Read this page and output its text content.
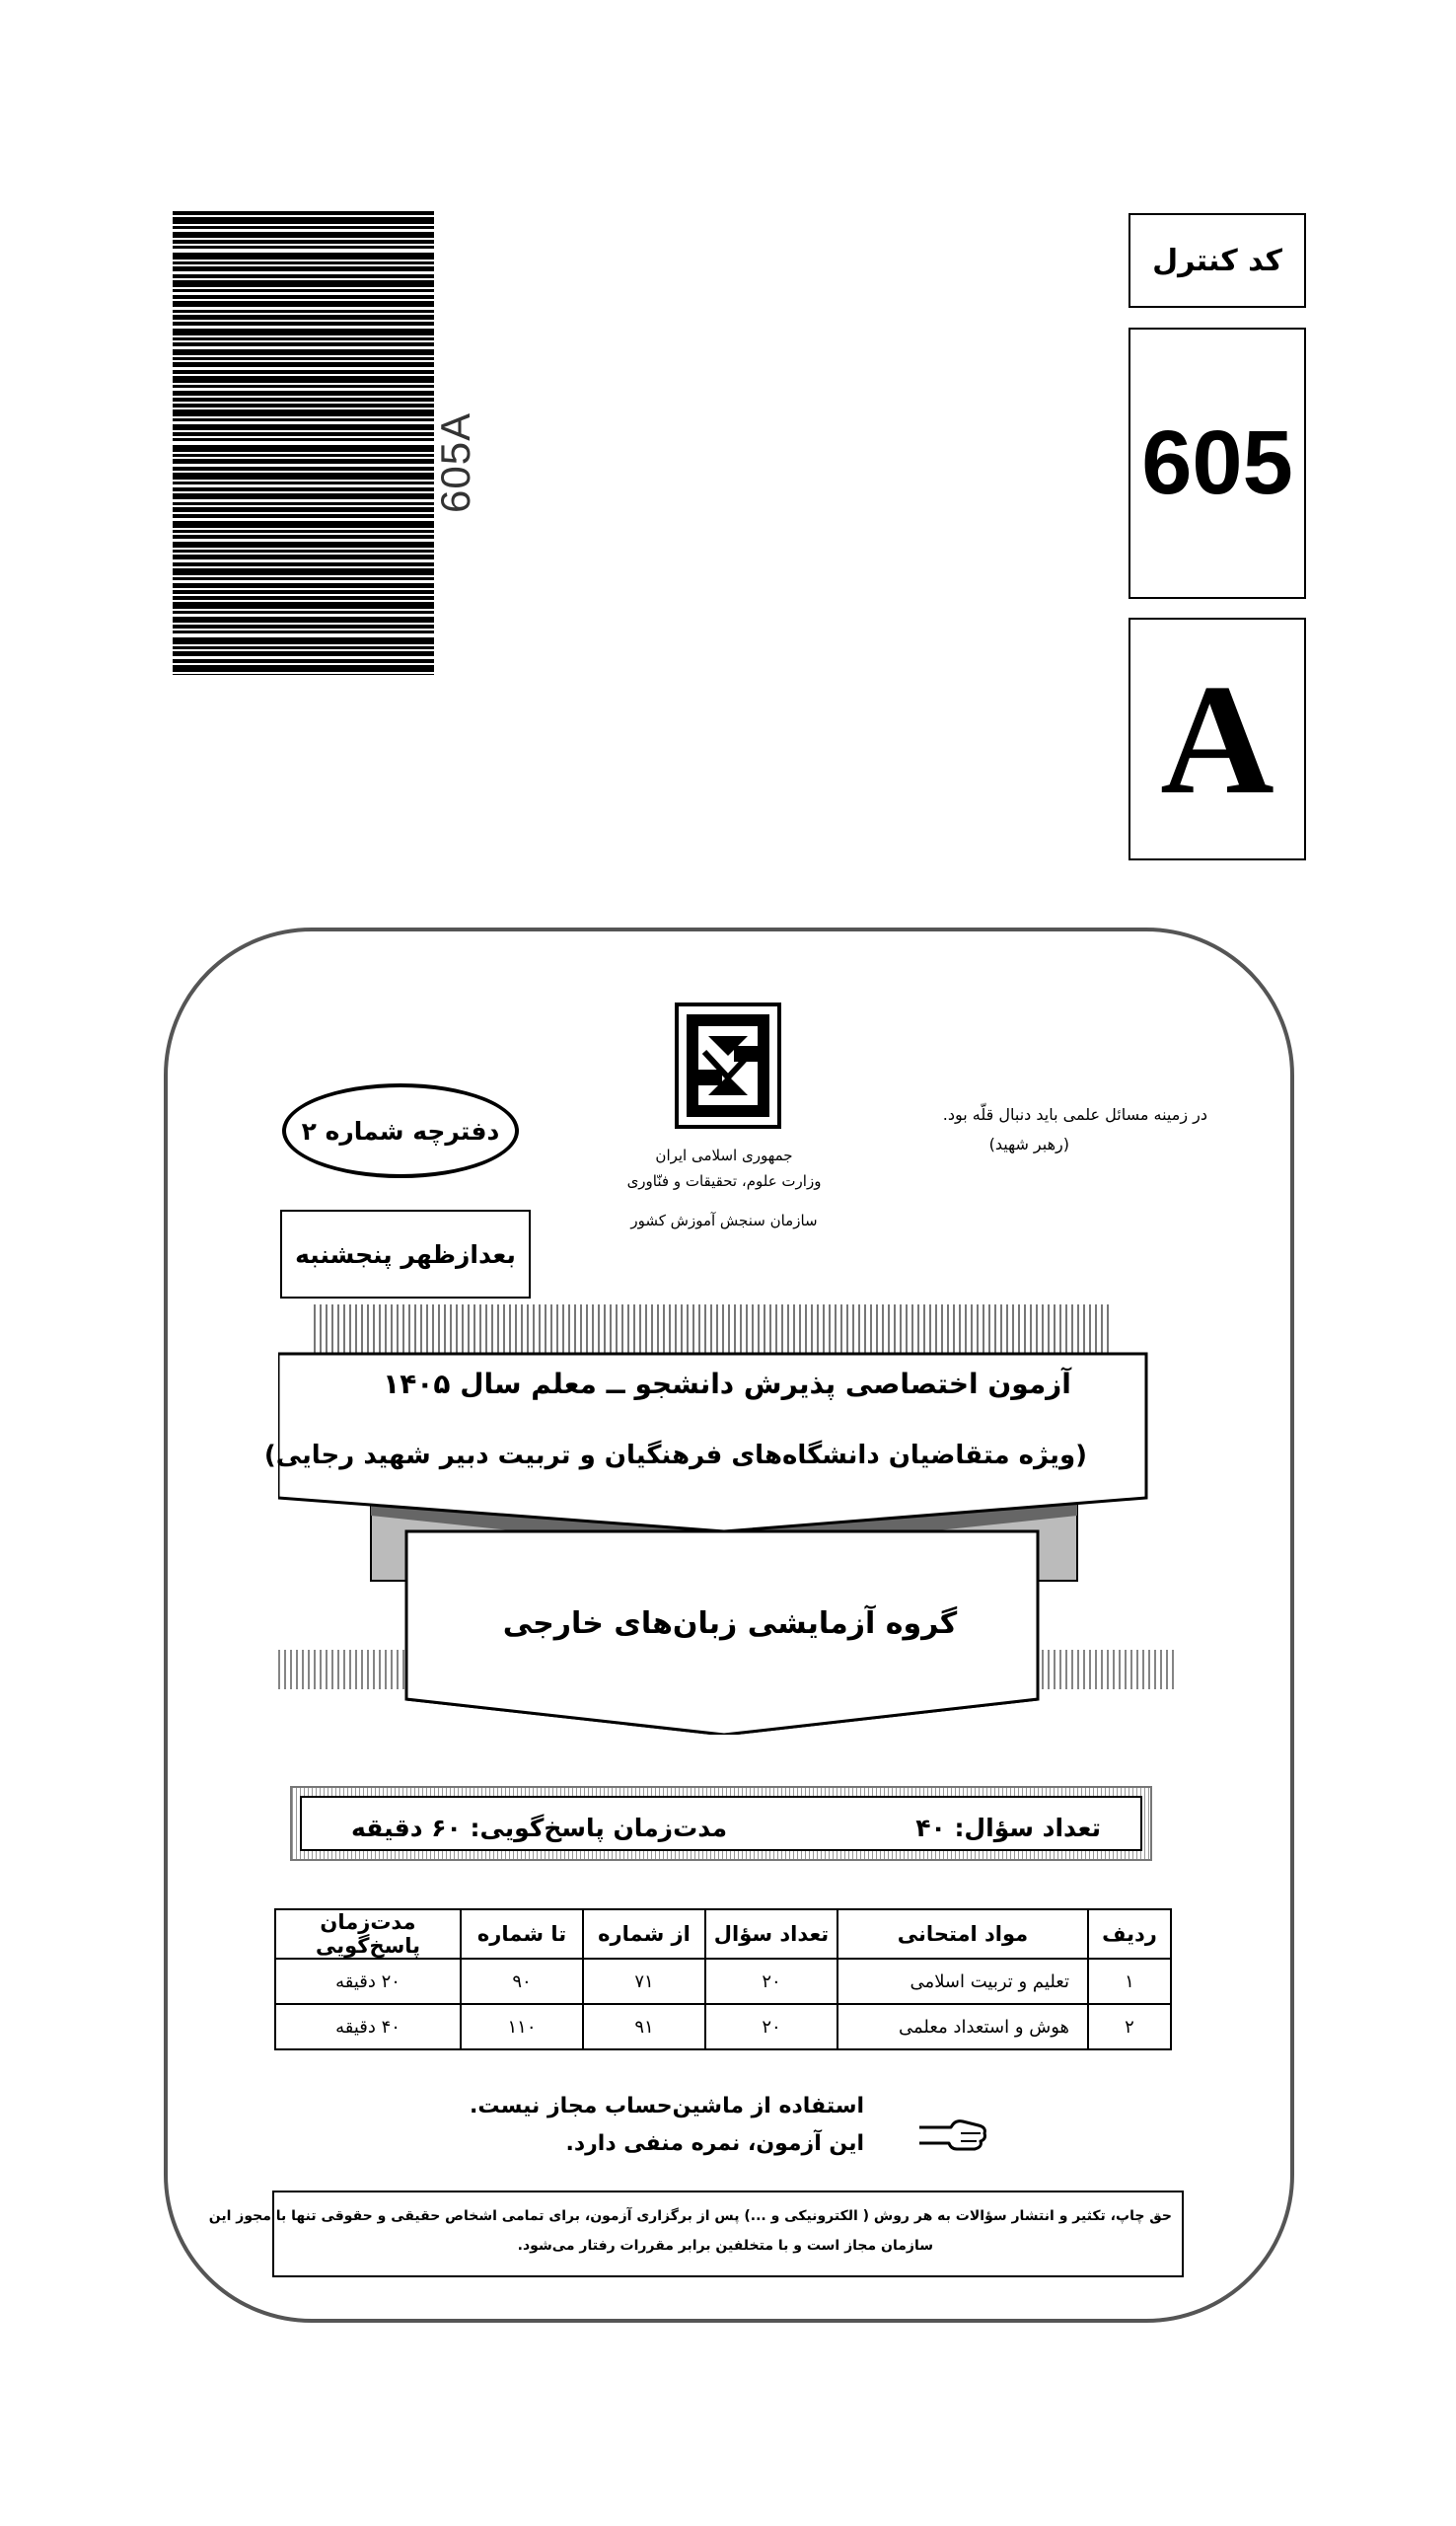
605A
کد کنترل
605
A
در زمینه مسائل علمی باید دنبال قلّه بود.
(رهبر شهید)
جمهوری اسلامی ایران
وزارت علوم، تحقیقات و فنّاوری
سازمان سنجش آموزش کشور
دفترچه شماره ۲
بعدازظهر پنجشنبه
آزمون اختصاصی پذیرش دانشجو ــ معلم سال ۱۴۰۵
(ویژه متقاضیان دانشگاه‌های فرهنگیان و تربیت دبیر شهید رجایی)
گروه آزمایشی زبان‌های خارجی
تعداد سؤال: ۴۰
مدت‌زمان پاسخ‌گویی: ۶۰ دقیقه
ردیف	مواد امتحانی	تعداد سؤال	از شماره	تا شماره	مدت‌زمان پاسخ‌گویی
۱	تعلیم و تربیت اسلامی	۲۰	۷۱	۹۰	۲۰ دقیقه
۲	هوش و استعداد معلمی	۲۰	۹۱	۱۱۰	۴۰ دقیقه
استفاده از ماشین‌حساب مجاز نیست.
این آزمون، نمره منفی دارد.
حق چاپ، تکثیر و انتشار سؤالات به هر روش ( الکترونیکی و ...) پس از برگزاری آزمون، برای تمامی اشخاص حقیقی و حقوقی تنها با مجوز این
سازمان مجاز است و با متخلفین برابر مقررات رفتار می‌شود.
